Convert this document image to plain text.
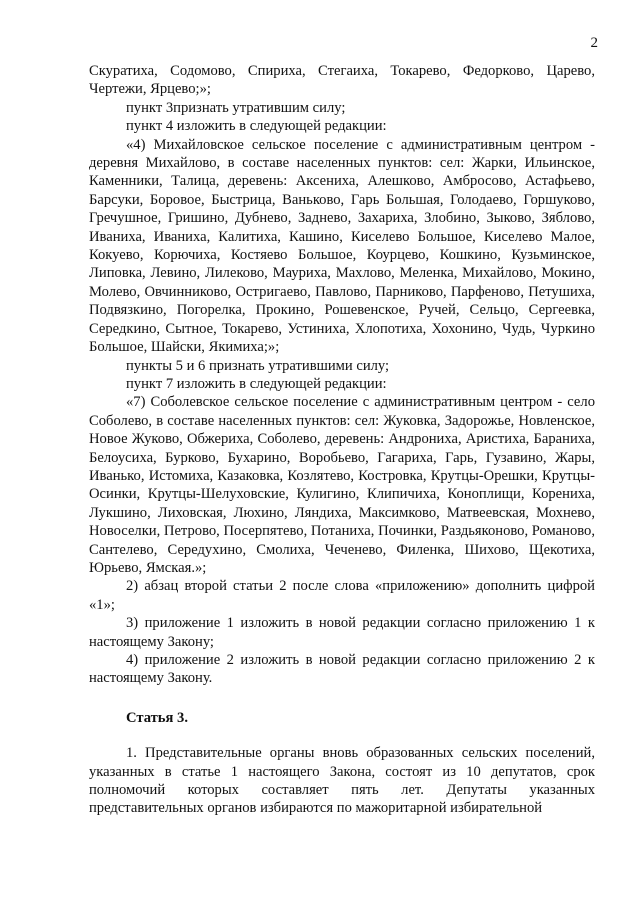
2

Скуратиха, Содомово, Спириха, Стегаиха, Токарево, Федорково, Царево, Чертежи, Ярцево;»;

пункт 3признать утратившим силу;

пункт 4 изложить в следующей редакции:

«4) Михайловское сельское поселение с административным центром - деревня Михайлово, в составе населенных пунктов: сел: Жарки, Ильинское, Каменники, Талица, деревень: Аксениха, Алешково, Амбросово, Астафьево, Барсуки, Боровое, Быстрица, Ваньково, Гарь Большая, Голодаево, Горшуково, Гречушное, Гришино, Дубнево, Заднево, Захариха, Злобино, Зыково, Зяблово, Иваниха, Иваниха, Калитиха, Кашино, Киселево Большое, Киселево Малое, Кокуево, Корючиха, Костяево Большое, Коурцево, Кошкино, Кузьминское, Липовка, Левино, Лилеково, Мауриха, Махлово, Меленка, Михайлово, Мокино, Молево, Овчинниково, Остригаево, Павлово, Парниково, Парфеново, Петушиха, Подвязкино, Погорелка, Прокино, Рошевенское, Ручей, Сельцо, Сергеевка, Середкино, Сытное, Токарево, Устиниха, Хлопотиха, Хохонино, Чудь, Чуркино Большое, Шайски, Якимиха;»;

пункты 5 и 6 признать утратившими силу;

пункт 7 изложить в следующей редакции:

«7) Соболевское сельское поселение с административным центром - село Соболево, в составе населенных пунктов: сел: Жуковка, Задорожье, Новленское, Новое Жуково, Обжериха, Соболево, деревень: Андрониха, Аристиха, Бараниха, Белоусиха, Бурково, Бухарино, Воробьево, Гагариха, Гарь, Гузавино, Жары, Иванько, Истомиха, Казаковка, Козлятево, Костровка, Крутцы-Орешки, Крутцы-Осинки, Крутцы-Шелуховские, Кулигино, Клипичиха, Коноплищи, Корениха, Лукшино, Лиховская, Люхино, Ляндиха, Максимково, Матвеевская, Мохнево, Новоселки, Петрово, Посерпятево, Потаниха, Починки, Раздьяконово, Романово, Сантелево, Середухино, Смолиха, Чеченево, Филенка, Шихово, Щекотиха, Юрьево, Ямская.»;

2) абзац второй статьи 2 после слова «приложению» дополнить цифрой «1»;

3) приложение 1 изложить в новой редакции согласно приложению 1 к настоящему Закону;

4) приложение 2 изложить в новой редакции согласно приложению 2 к настоящему Закону.

Статья 3.

1. Представительные органы вновь образованных сельских поселений, указанных в статье 1 настоящего Закона, состоят из 10 депутатов, срок полномочий которых составляет пять лет. Депутаты указанных представительных органов избираются по мажоритарной избирательной
